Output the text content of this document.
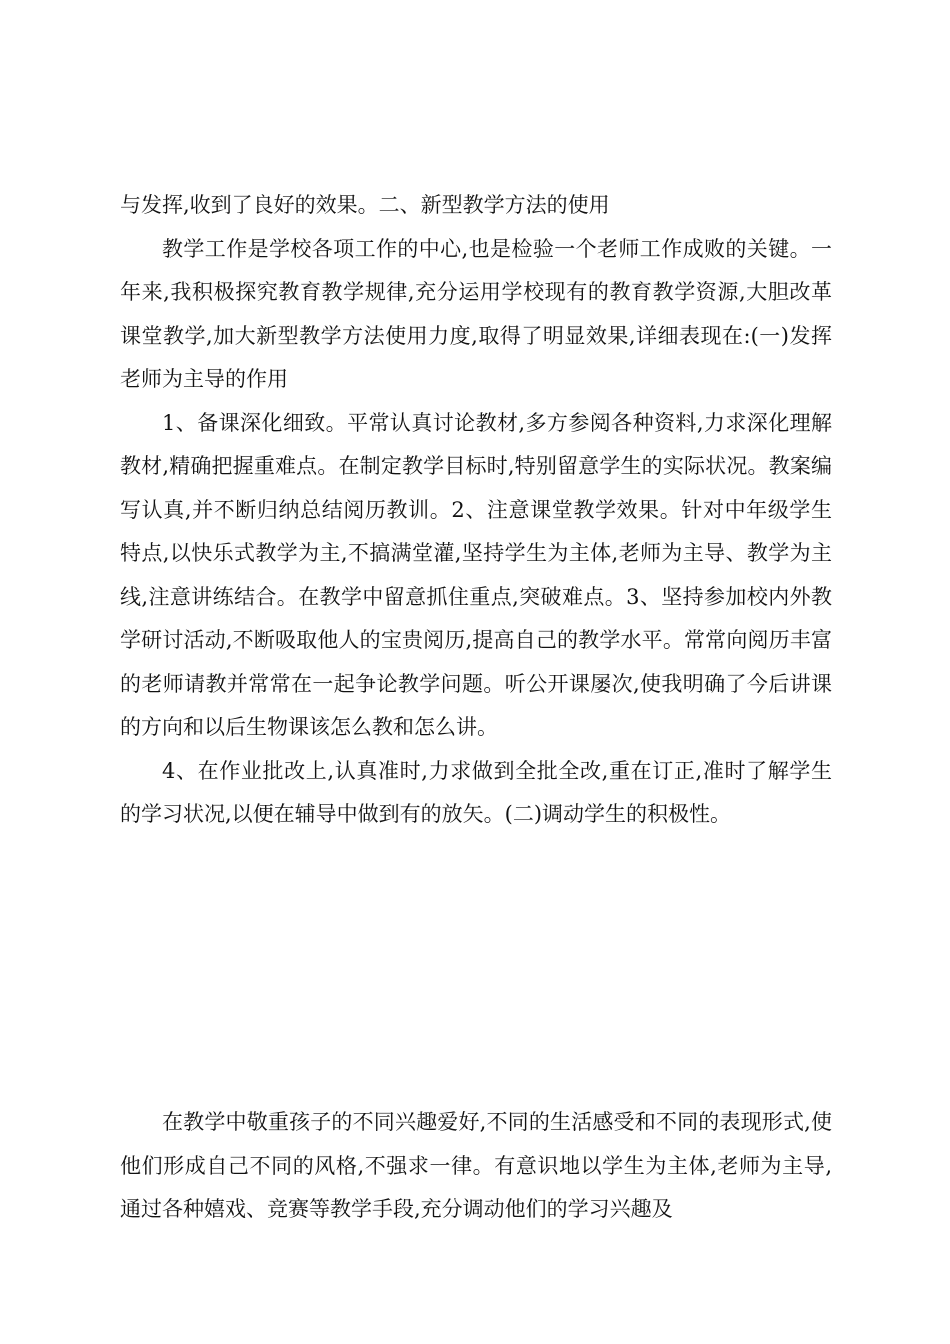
与发挥,收到了良好的效果。二、新型教学方法的使用

教学工作是学校各项工作的中心,也是检验一个老师工作成败的关键。一年来,我积极探究教育教学规律,充分运用学校现有的教育教学资源,大胆改革课堂教学,加大新型教学方法使用力度,取得了明显效果,详细表现在:(一)发挥老师为主导的作用

1、备课深化细致。平常认真讨论教材,多方参阅各种资料,力求深化理解教材,精确把握重难点。在制定教学目标时,特别留意学生的实际状况。教案编写认真,并不断归纳总结阅历教训。2、注意课堂教学效果。针对中年级学生特点,以快乐式教学为主,不搞满堂灌,坚持学生为主体,老师为主导、教学为主线,注意讲练结合。在教学中留意抓住重点,突破难点。3、坚持参加校内外教学研讨活动,不断吸取他人的宝贵阅历,提高自己的教学水平。常常向阅历丰富的老师请教并常常在一起争论教学问题。听公开课屡次,使我明确了今后讲课的方向和以后生物课该怎么教和怎么讲。

4、在作业批改上,认真准时,力求做到全批全改,重在订正,准时了解学生的学习状况,以便在辅导中做到有的放矢。(二)调动学生的积极性。

在教学中敬重孩子的不同兴趣爱好,不同的生活感受和不同的表现形式,使他们形成自己不同的风格,不强求一律。有意识地以学生为主体,老师为主导,通过各种嬉戏、竞赛等教学手段,充分调动他们的学习兴趣及
